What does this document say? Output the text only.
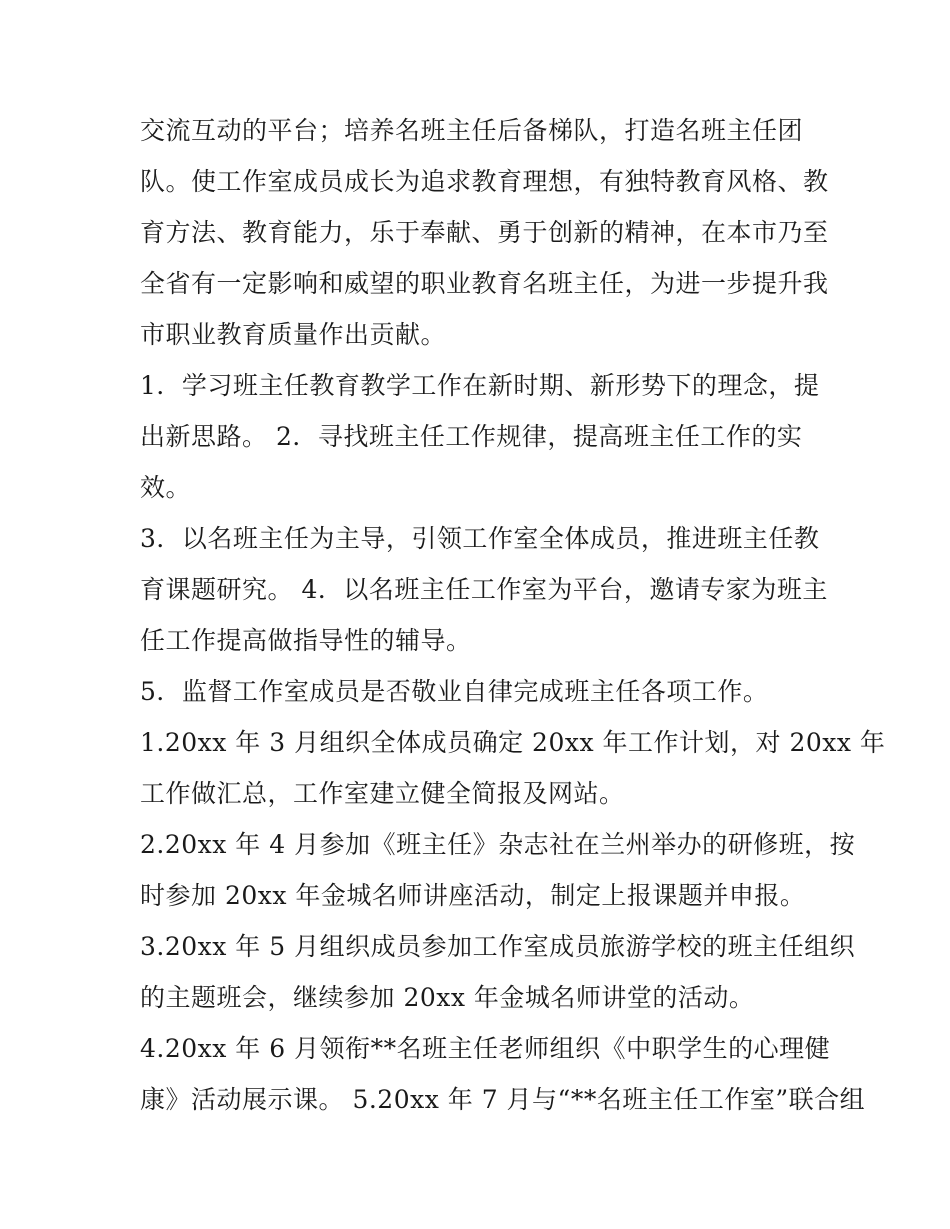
交流互动的平台；培养名班主任后备梯队，打造名班主任团
队。使工作室成员成长为追求教育理想，有独特教育风格、教
育方法、教育能力，乐于奉献、勇于创新的精神，在本市乃至
全省有一定影响和威望的职业教育名班主任，为进一步提升我
市职业教育质量作出贡献。
1．学习班主任教育教学工作在新时期、新形势下的理念，提
出新思路。 2．寻找班主任工作规律，提高班主任工作的实
效。
3．以名班主任为主导，引领工作室全体成员，推进班主任教
育课题研究。 4．以名班主任工作室为平台，邀请专家为班主
任工作提高做指导性的辅导。
5．监督工作室成员是否敬业自律完成班主任各项工作。
1.20xx 年 3 月组织全体成员确定 20xx 年工作计划，对 20xx 年
工作做汇总，工作室建立健全简报及网站。
2.20xx 年 4 月参加《班主任》杂志社在兰州举办的研修班，按
时参加 20xx 年金城名师讲座活动，制定上报课题并申报。
3.20xx 年 5 月组织成员参加工作室成员旅游学校的班主任组织
的主题班会，继续参加 20xx 年金城名师讲堂的活动。
4.20xx 年 6 月领衔**名班主任老师组织《中职学生的心理健
康》活动展示课。 5.20xx 年 7 月与“**名班主任工作室”联合组
